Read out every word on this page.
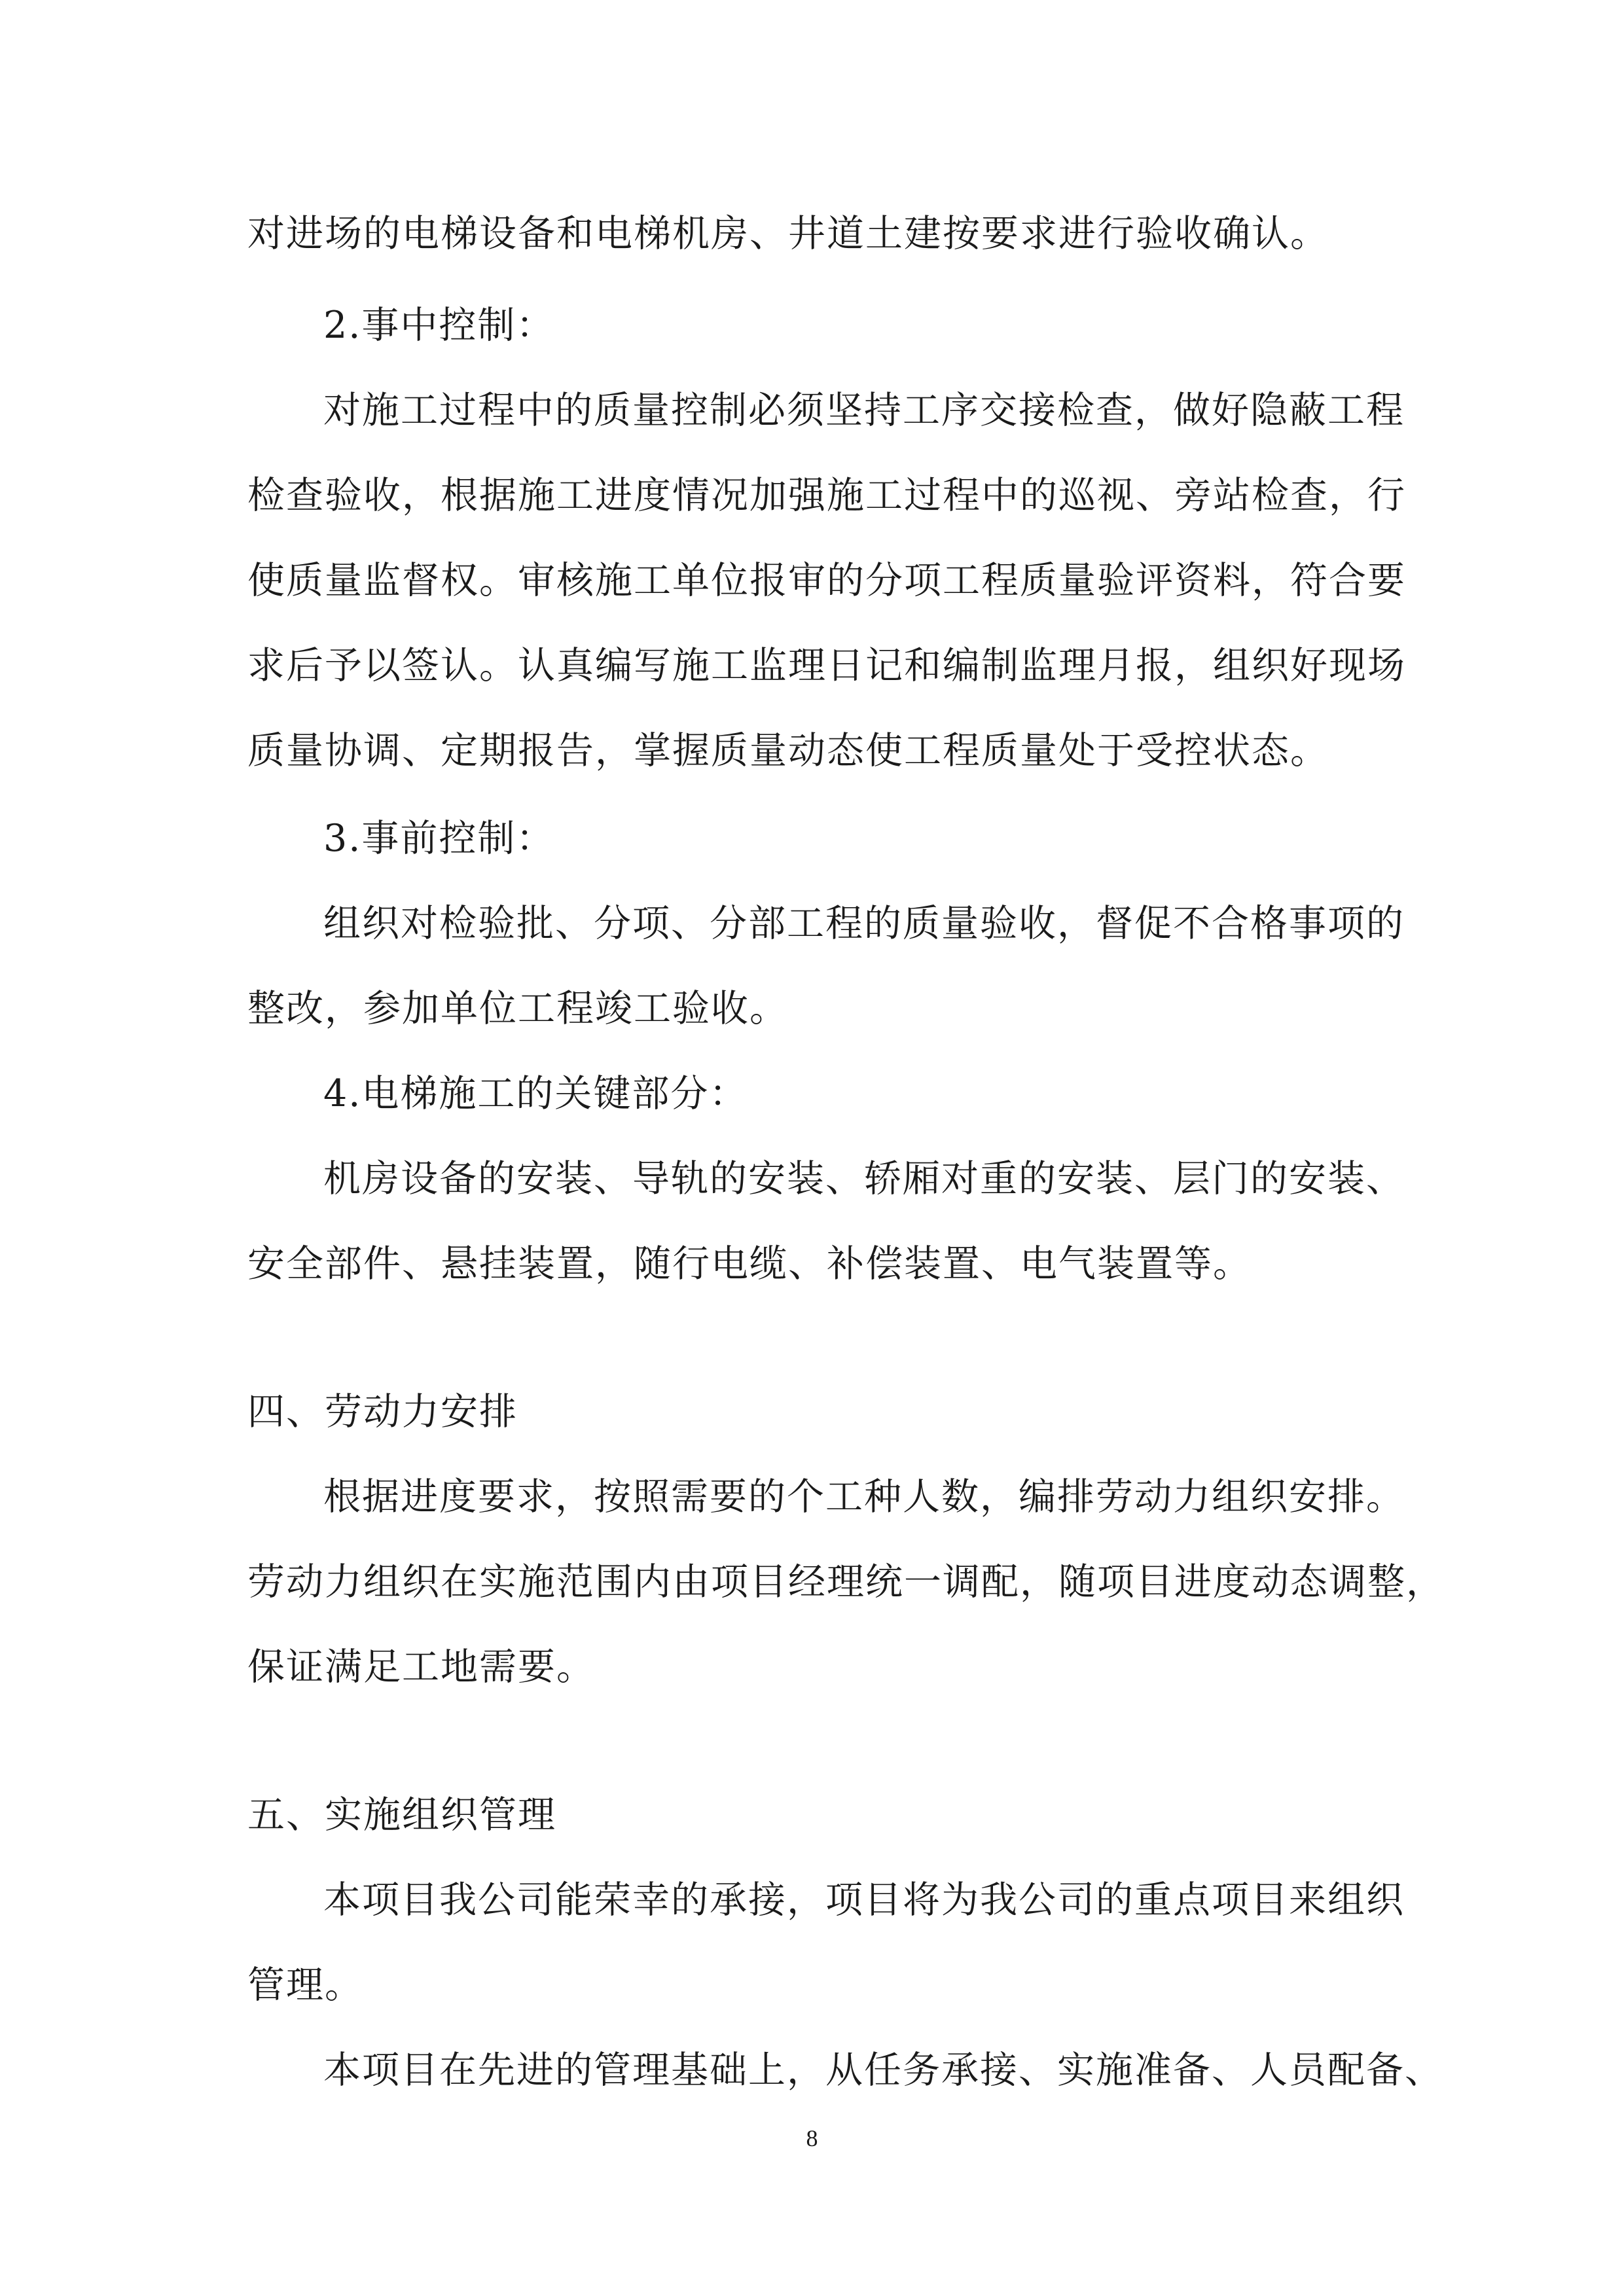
对进场的电梯设备和电梯机房、井道土建按要求进行验收确认。
2.事中控制：
对施工过程中的质量控制必须坚持工序交接检查，做好隐蔽工程
检查验收，根据施工进度情况加强施工过程中的巡视、旁站检查，行
使质量监督权。审核施工单位报审的分项工程质量验评资料，符合要
求后予以签认。认真编写施工监理日记和编制监理月报，组织好现场
质量协调、定期报告，掌握质量动态使工程质量处于受控状态。
3.事前控制：
组织对检验批、分项、分部工程的质量验收，督促不合格事项的
整改，参加单位工程竣工验收。
4.电梯施工的关键部分：
机房设备的安装、导轨的安装、轿厢对重的安装、层门的安装、
安全部件、悬挂装置，随行电缆、补偿装置、电气装置等。
四、劳动力安排
根据进度要求，按照需要的个工种人数，编排劳动力组织安排。
劳动力组织在实施范围内由项目经理统一调配，随项目进度动态调整，
保证满足工地需要。
五、实施组织管理
本项目我公司能荣幸的承接，项目将为我公司的重点项目来组织
管理。
本项目在先进的管理基础上，从任务承接、实施准备、人员配备、
8
